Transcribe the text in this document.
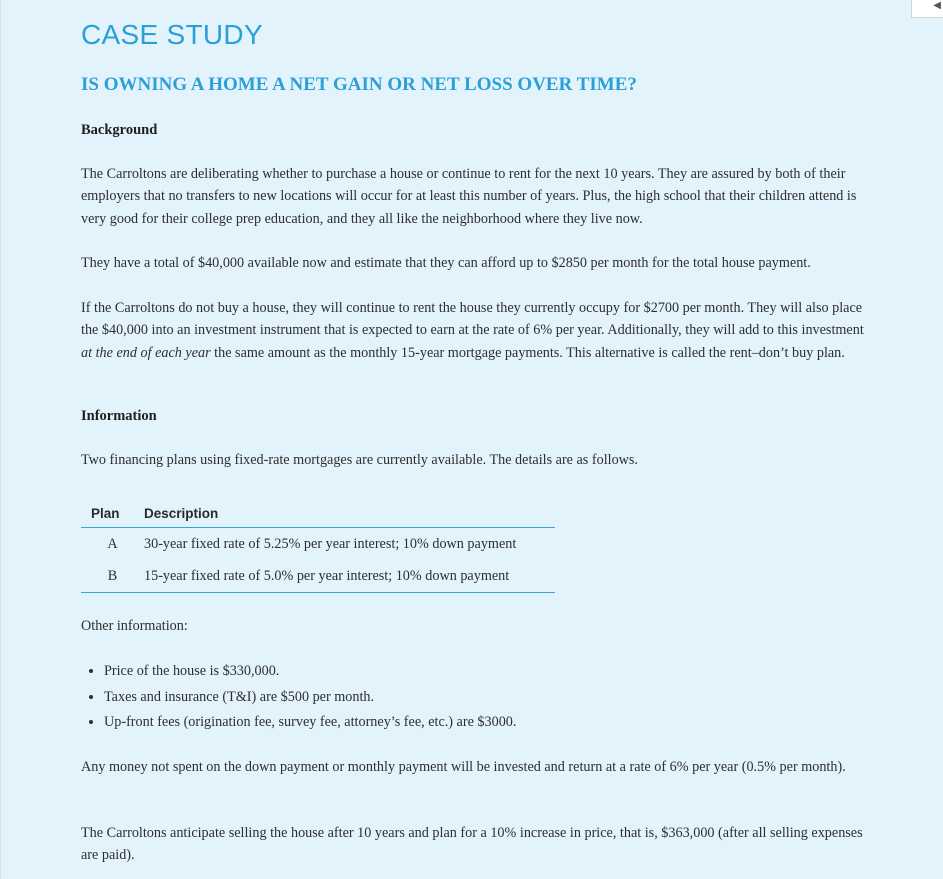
◀
CASE STUDY
IS OWNING A HOME A NET GAIN OR NET LOSS OVER TIME?
Background
The Carroltons are deliberating whether to purchase a house or continue to rent for the next 10 years. They are assured by both of their employers that no transfers to new locations will occur for at least this number of years. Plus, the high school that their children attend is very good for their college prep education, and they all like the neighborhood where they live now.
They have a total of $40,000 available now and estimate that they can afford up to $2850 per month for the total house payment.
If the Carroltons do not buy a house, they will continue to rent the house they currently occupy for $2700 per month. They will also place the $40,000 into an investment instrument that is expected to earn at the rate of 6% per year. Additionally, they will add to this investment at the end of each year the same amount as the monthly 15-year mortgage payments. This alternative is called the rent–don’t buy plan.
Information
Two financing plans using fixed-rate mortgages are currently available. The details are as follows.
Plan	Description
A	30-year fixed rate of 5.25% per year interest; 10% down payment
B	15-year fixed rate of 5.0% per year interest; 10% down payment
Other information:
• Price of the house is $330,000.
• Taxes and insurance (T&I) are $500 per month.
• Up-front fees (origination fee, survey fee, attorney’s fee, etc.) are $3000.
Any money not spent on the down payment or monthly payment will be invested and return at a rate of 6% per year (0.5% per month).
The Carroltons anticipate selling the house after 10 years and plan for a 10% increase in price, that is, $363,000 (after all selling expenses are paid).
